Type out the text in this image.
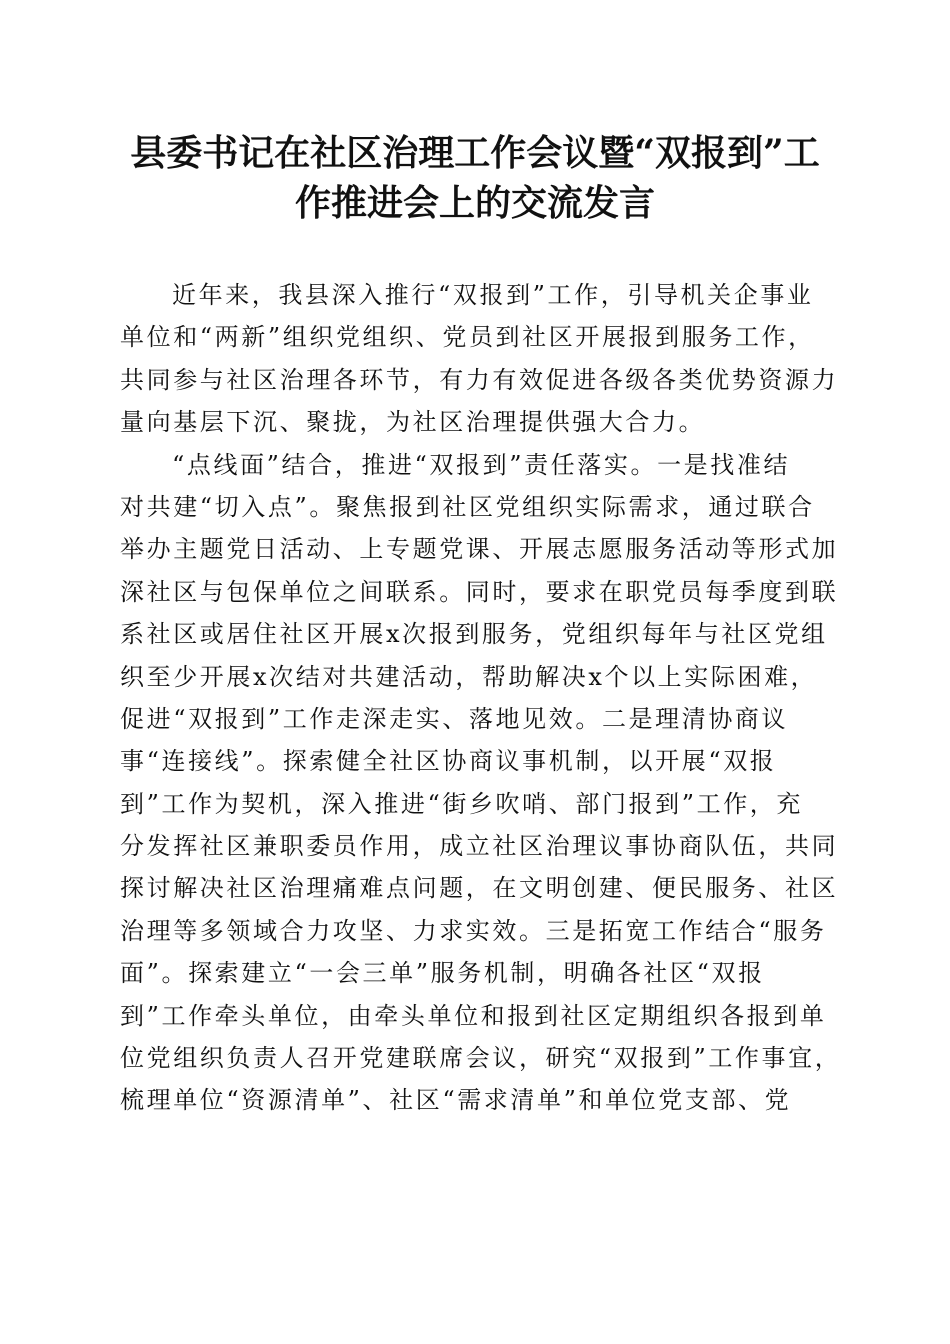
县委书记在社区治理工作会议暨“双报到”工
作推进会上的交流发言
近年来，我县深入推行“双报到”工作，引导机关企事业
单位和“两新”组织党组织、党员到社区开展报到服务工作，
共同参与社区治理各环节，有力有效促进各级各类优势资源力
量向基层下沉、聚拢，为社区治理提供强大合力。
“点线面”结合，推进“双报到”责任落实。一是找准结
对共建“切入点”。聚焦报到社区党组织实际需求，通过联合
举办主题党日活动、上专题党课、开展志愿服务活动等形式加
深社区与包保单位之间联系。同时，要求在职党员每季度到联
系社区或居住社区开展x次报到服务，党组织每年与社区党组
织至少开展x次结对共建活动，帮助解决x个以上实际困难，
促进“双报到”工作走深走实、落地见效。二是理清协商议
事“连接线”。探索健全社区协商议事机制，以开展“双报
到”工作为契机，深入推进“街乡吹哨、部门报到”工作，充
分发挥社区兼职委员作用，成立社区治理议事协商队伍，共同
探讨解决社区治理痛难点问题，在文明创建、便民服务、社区
治理等多领域合力攻坚、力求实效。三是拓宽工作结合“服务
面”。探索建立“一会三单”服务机制，明确各社区“双报
到”工作牵头单位，由牵头单位和报到社区定期组织各报到单
位党组织负责人召开党建联席会议，研究“双报到”工作事宜，
梳理单位“资源清单”、社区“需求清单”和单位党支部、党
